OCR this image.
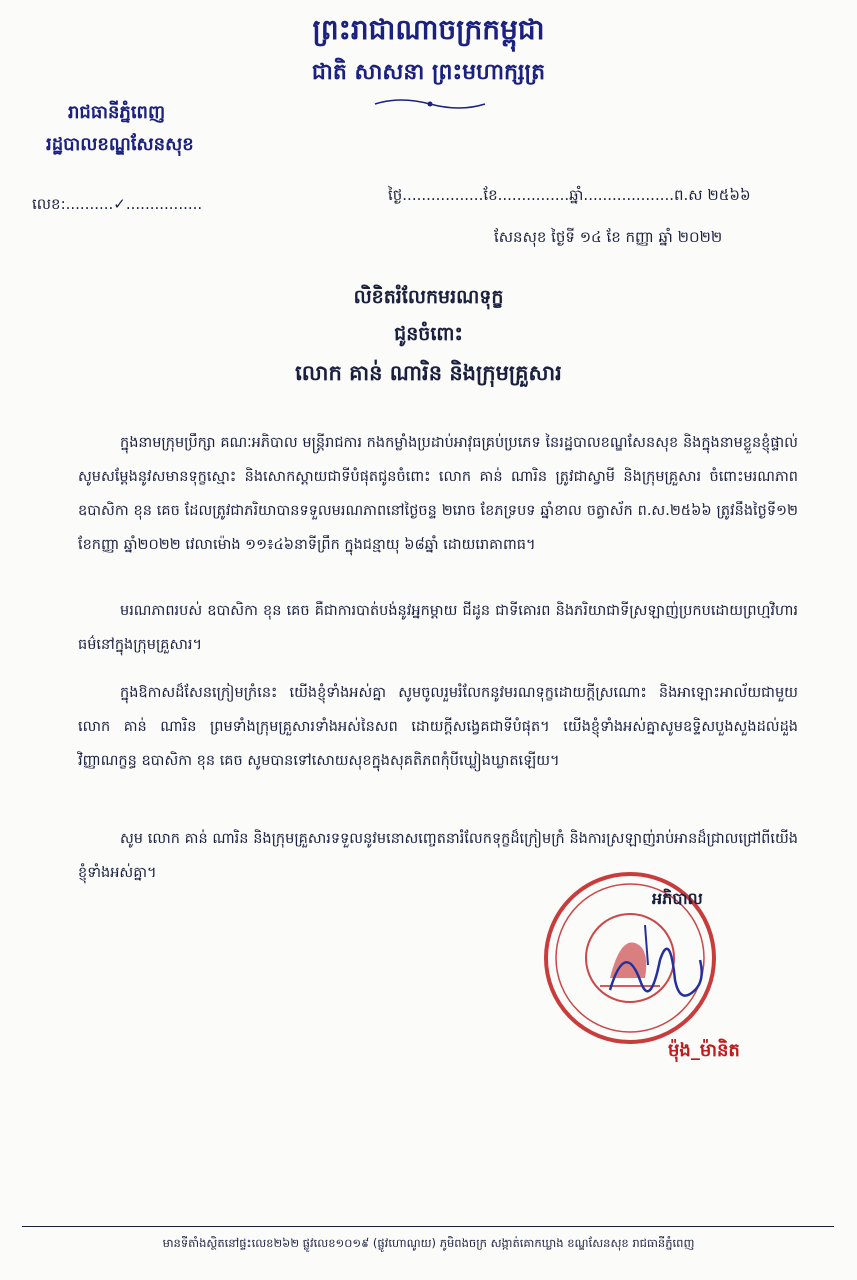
ព្រះរាជាណាចក្រកម្ពុជា
ជាតិ សាសនា ព្រះមហាក្សត្រ
រាជធានីភ្នំពេញ
រដ្ឋបាលខណ្ឌសែនសុខ
លេខ:..........✓................	ថ្ងៃ.................ខែ...............ឆ្នាំ...................ព.ស ២៥៦៦
សែនសុខ ថ្ងៃទី ១៤ ខែ កញ្ញា ឆ្នាំ ២០២២
លិខិតរំលែកមរណទុក្ខ
ជូនចំពោះ
លោក គាន់ ណារិន និងក្រុមគ្រួសារ
ក្នុងនាមក្រុមប្រឹក្សា គណៈអភិបាល មន្ត្រីរាជការ កងកម្លាំងប្រដាប់អាវុធគ្រប់ប្រភេទ នៃរដ្ឋបាលខណ្ឌសែនសុខ និងក្នុងនាមខ្លួនខ្ញុំផ្ទាល់ សូមសម្តែងនូវសមានទុក្ខ​ស្មោះ និងសោកស្តាយជាទីបំផុតជូនចំពោះ លោក គាន់ ណារិន ត្រូវជាស្វាមី និងក្រុមគ្រួសារ ចំពោះមរណភាព ឧបាសិកា ខុន គេច ដែលត្រូវជាភរិយាបានទទួលមរណភាពនៅថ្ងៃចន្ទ ២រោច ខែភទ្របទ ឆ្នាំខាល ចត្វាស័ក ព.ស.២៥៦៦ ត្រូវនឹងថ្ងៃទី១២ ខែកញ្ញា ឆ្នាំ២០២២ វេលាម៉ោង ១១៖៤៦នាទីព្រឹក ក្នុងជន្មាយុ ៦៨ឆ្នាំ ដោយរោគាពាធ។
មរណភាពរបស់ ឧបាសិកា ខុន គេច គឺជាការបាត់បង់នូវអ្នកម្តាយ ជីដូន ជាទីគោរព និងភរិយាជាទីស្រឡាញ់ប្រកបដោយព្រហ្មវិហារធម៌នៅក្នុងក្រុមគ្រួសារ។
ក្នុងឱកាសដ៏សែនក្រៀមក្រំនេះ យើងខ្ញុំទាំងអស់គ្នា សូមចូលរួមរំលែកនូវមរណទុក្ខដោយក្តីស្រណោះ និងអាឡោះអាល័យជាមួយ លោក គាន់ ណារិន ព្រមទាំងក្រុមគ្រួសារទាំងអស់នៃសព ដោយក្តីសង្វេគជាទីបំផុត។ យើងខ្ញុំទាំងអស់គ្នាសូមឧទ្ទិសបួងសួងដល់ដួងវិញ្ញាណក្ខន្ធ ឧបាសិកា ខុន គេច សូមបានទៅសោយសុខក្នុងសុគតិភពកុំបីឃ្លៀងឃ្លាតឡើយ។
សូម លោក គាន់ ណារិន និងក្រុមគ្រួសារទទួលនូវមនោសញ្ចេតនារំលែកទុក្ខដ៏ក្រៀមក្រំ និងការស្រឡាញ់រាប់អានដ៏ជ្រាលជ្រៅពីយើងខ្ញុំទាំងអស់គ្នា។
អភិបាល
ម៉ុង_ម៉ានិត
មានទីតាំងស្ថិតនៅផ្ទះលេខ២៦២ ផ្លូវលេខ១០១៩ (ផ្លូវហោណូយ) ភូមិពងចក្រ សង្កាត់គោកឃ្លាង ខណ្ឌសែនសុខ រាជធានីភ្នំពេញ
